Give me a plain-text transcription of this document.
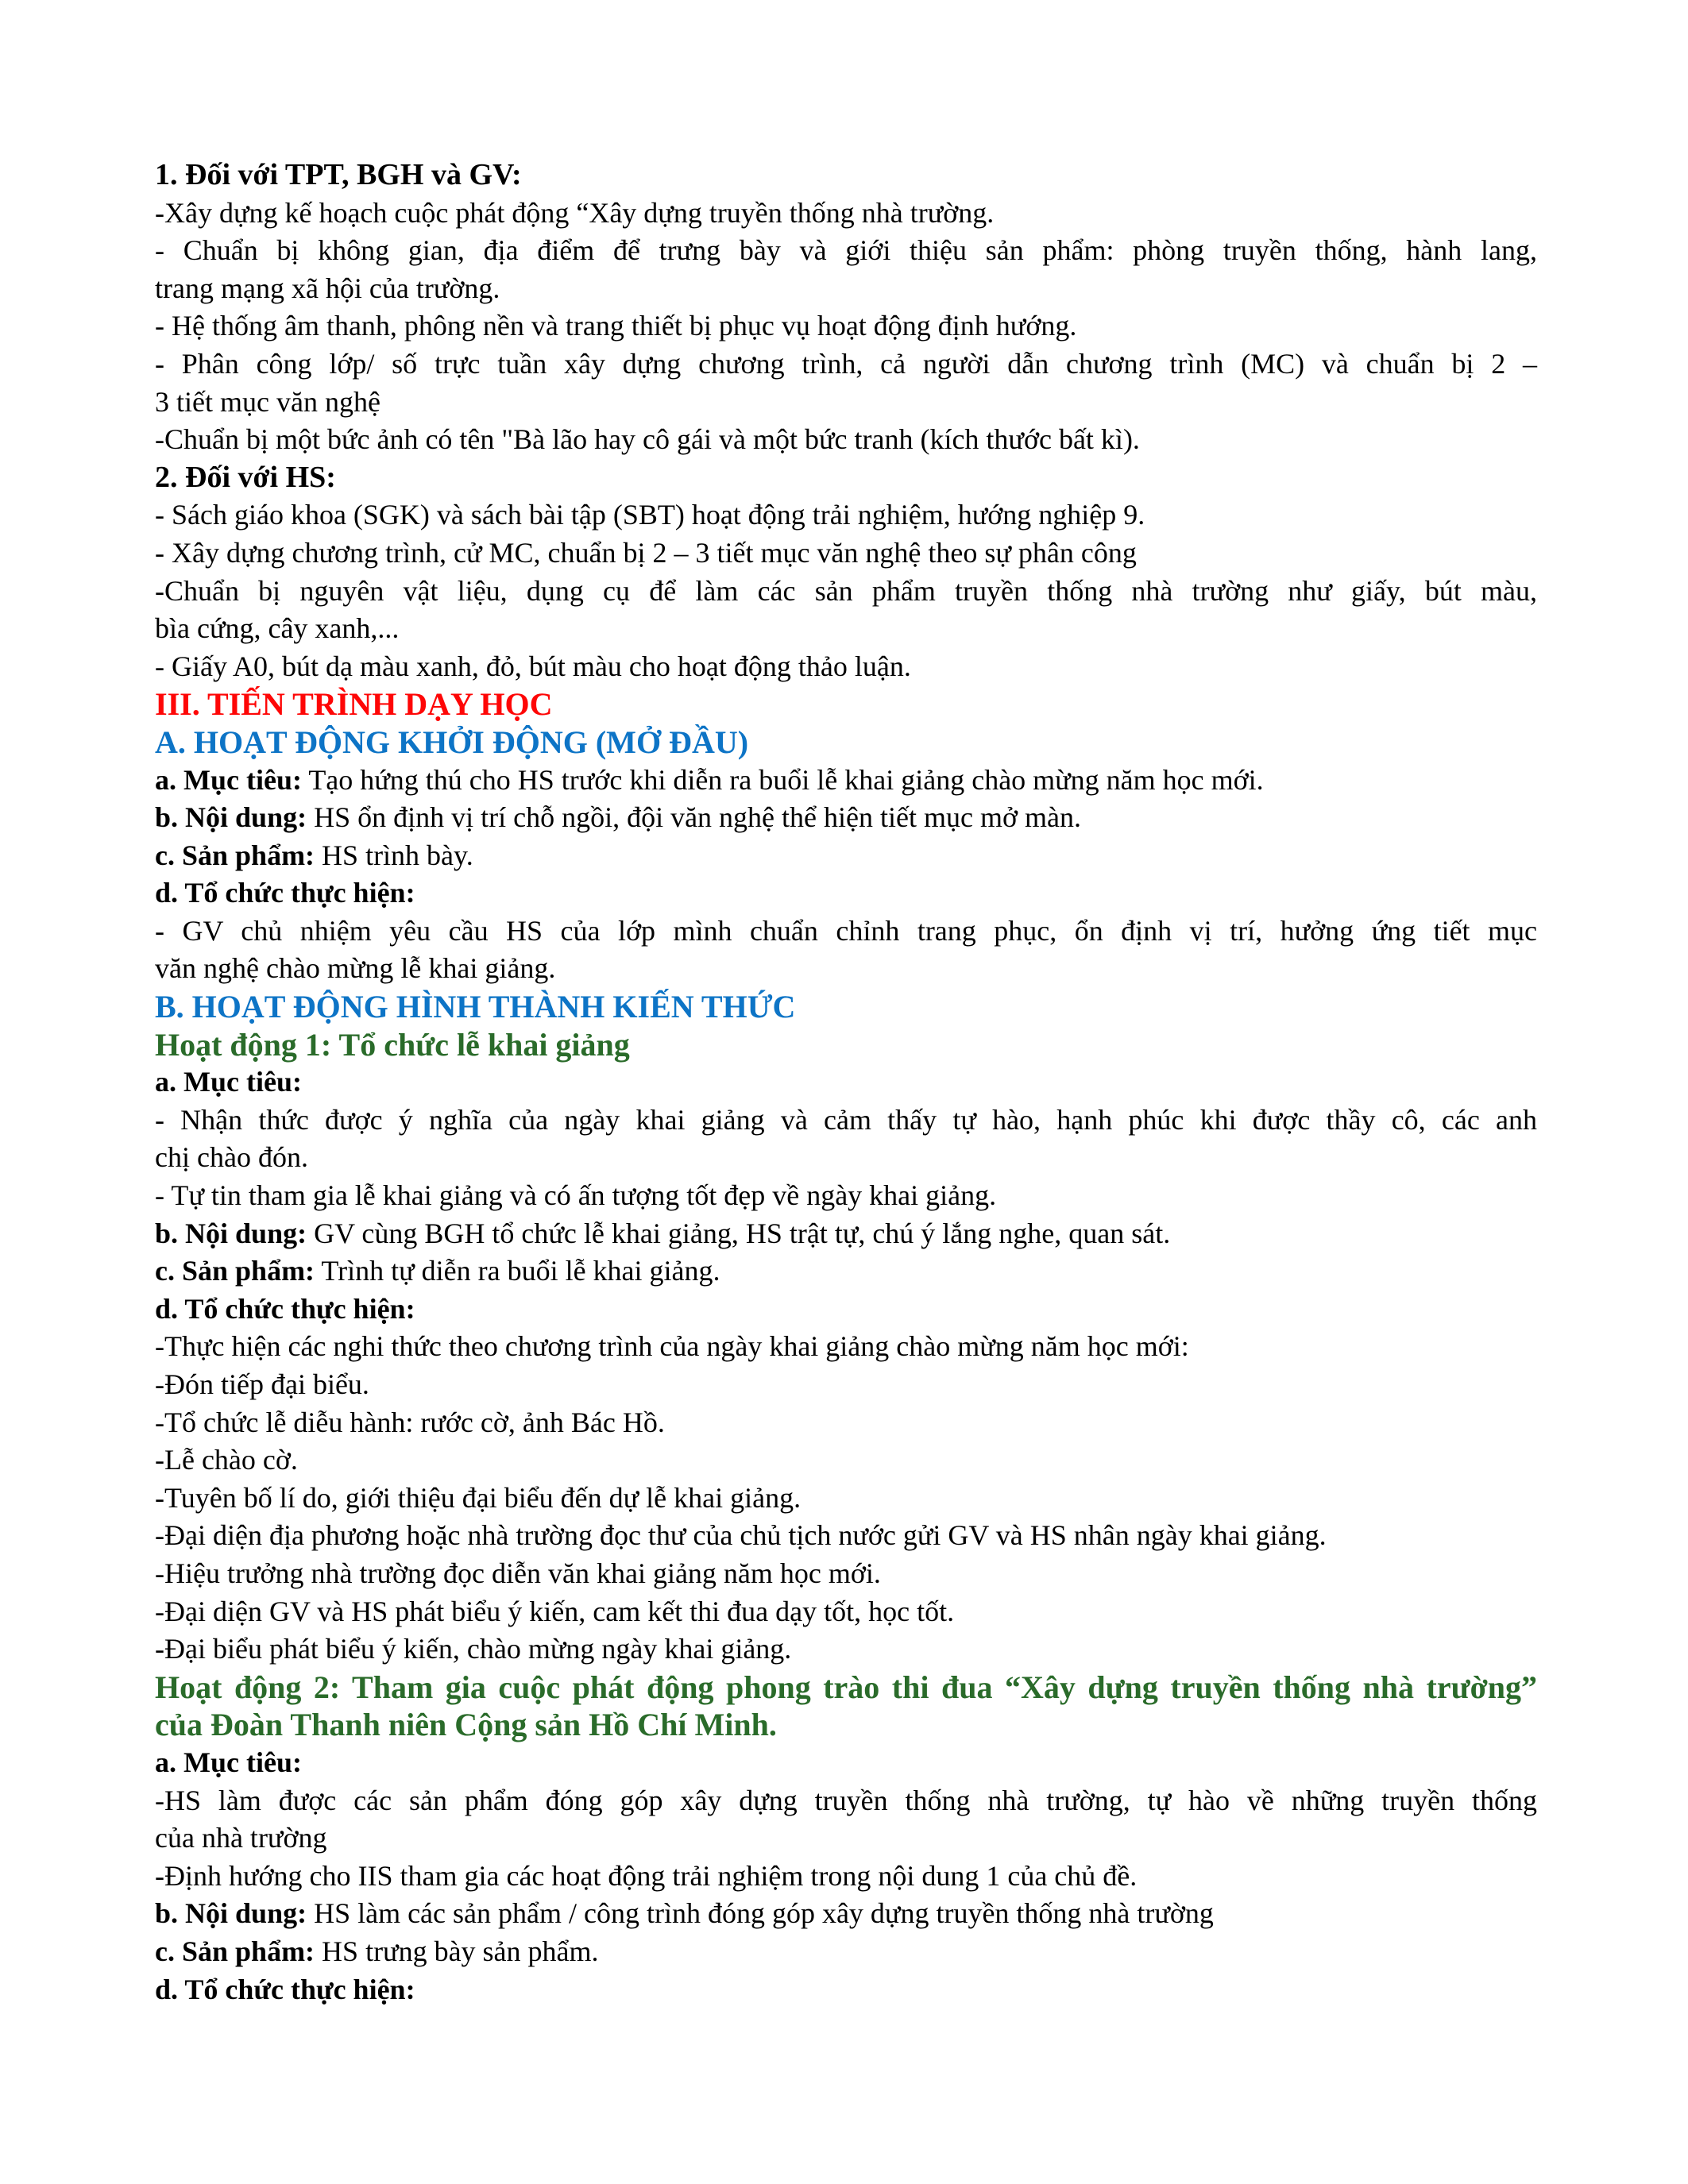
1. Đối với TPT, BGH và GV:
-Xây dựng kế hoạch cuộc phát động “Xây dựng truyền thống nhà trường.
- Chuẩn bị không gian, địa điểm để trưng bày và giới thiệu sản phẩm: phòng truyền thống, hành lang,
trang mạng xã hội của trường.
- Hệ thống âm thanh, phông nền và trang thiết bị phục vụ hoạt động định hướng.
- Phân công lớp/ số trực tuần xây dựng chương trình, cả người dẫn chương trình (MC) và chuẩn bị 2 –
3 tiết mục văn nghệ
-Chuẩn bị một bức ảnh có tên "Bà lão hay cô gái và một bức tranh (kích thước bất kì).
2. Đối với HS:
- Sách giáo khoa (SGK) và sách bài tập (SBT) hoạt động trải nghiệm, hướng nghiệp 9.
- Xây dựng chương trình, cử MC, chuẩn bị 2 – 3 tiết mục văn nghệ theo sự phân công
-Chuẩn bị nguyên vật liệu, dụng cụ để làm các sản phẩm truyền thống nhà trường như giấy, bút màu,
bìa cứng, cây xanh,...
- Giấy A0, bút dạ màu xanh, đỏ, bút màu cho hoạt động thảo luận.
III. TIẾN TRÌNH DẠY HỌC
A. HOẠT ĐỘNG KHỞI ĐỘNG (MỞ ĐẦU)
a. Mục tiêu: Tạo hứng thú cho HS trước khi diễn ra buổi lễ khai giảng chào mừng năm học mới.
b. Nội dung: HS ổn định vị trí chỗ ngồi, đội văn nghệ thể hiện tiết mục mở màn.
c. Sản phẩm: HS trình bày.
d. Tổ chức thực hiện:
- GV chủ nhiệm yêu cầu HS của lớp mình chuẩn chỉnh trang phục, ổn định vị trí, hưởng ứng tiết mục
văn nghệ chào mừng lễ khai giảng.
B. HOẠT ĐỘNG HÌNH THÀNH KIẾN THỨC
Hoạt động 1: Tổ chức lễ khai giảng
a. Mục tiêu:
- Nhận thức được ý nghĩa của ngày khai giảng và cảm thấy tự hào, hạnh phúc khi được thầy cô, các anh
chị chào đón.
- Tự tin tham gia lễ khai giảng và có ấn tượng tốt đẹp về ngày khai giảng.
b. Nội dung: GV cùng BGH tổ chức lễ khai giảng, HS trật tự, chú ý lắng nghe, quan sát.
c. Sản phẩm: Trình tự diễn ra buổi lễ khai giảng.
d. Tổ chức thực hiện:
-Thực hiện các nghi thức theo chương trình của ngày khai giảng chào mừng năm học mới:
-Đón tiếp đại biểu.
-Tổ chức lễ diễu hành: rước cờ, ảnh Bác Hồ.
-Lễ chào cờ.
-Tuyên bố lí do, giới thiệu đại biểu đến dự lễ khai giảng.
-Đại diện địa phương hoặc nhà trường đọc thư của chủ tịch nước gửi GV và HS nhân ngày khai giảng.
-Hiệu trưởng nhà trường đọc diễn văn khai giảng năm học mới.
-Đại diện GV và HS phát biểu ý kiến, cam kết thi đua dạy tốt, học tốt.
-Đại biểu phát biểu ý kiến, chào mừng ngày khai giảng.
Hoạt động 2: Tham gia cuộc phát động phong trào thi đua “Xây dựng truyền thống nhà trường”
của Đoàn Thanh niên Cộng sản Hồ Chí Minh.
a. Mục tiêu:
-HS làm được các sản phẩm đóng góp xây dựng truyền thống nhà trường, tự hào về những truyền thống
của nhà trường
-Định hướng cho IIS tham gia các hoạt động trải nghiệm trong nội dung 1 của chủ đề.
b. Nội dung: HS làm các sản phẩm / công trình đóng góp xây dựng truyền thống nhà trường
c. Sản phẩm: HS trưng bày sản phẩm.
d. Tổ chức thực hiện:
